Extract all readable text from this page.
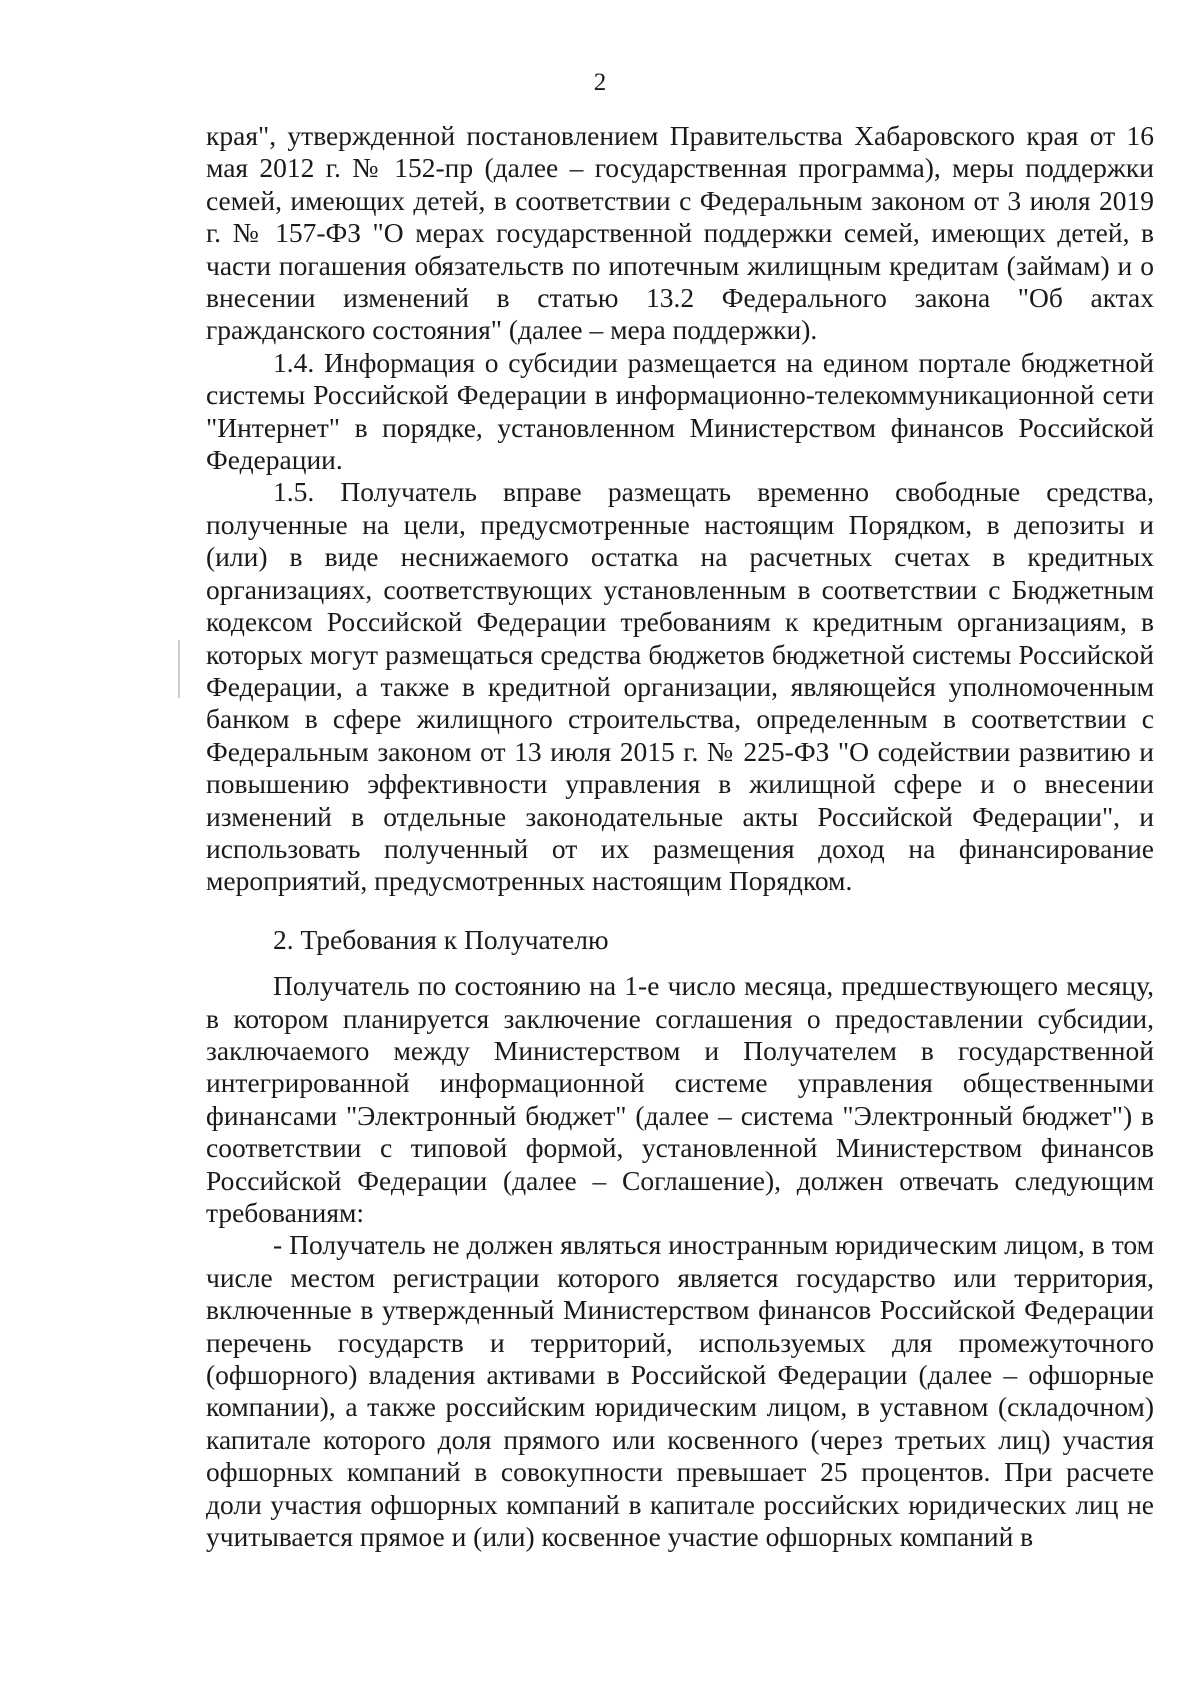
2

края", утвержденной постановлением Правительства Хабаровского края от 16 мая 2012 г. № 152-пр (далее – государственная программа), меры поддержки семей, имеющих детей, в соответствии с Федеральным законом от 3 июля 2019 г. № 157-ФЗ "О мерах государственной поддержки семей, имеющих детей, в части погашения обязательств по ипотечным жилищным кредитам (займам) и о внесении изменений в статью 13.2 Федерального закона "Об актах гражданского состояния" (далее – мера поддержки).

1.4. Информация о субсидии размещается на едином портале бюджетной системы Российской Федерации в информационно-телекоммуникационной сети "Интернет" в порядке, установленном Министерством финансов Российской Федерации.

1.5. Получатель вправе размещать временно свободные средства, полученные на цели, предусмотренные настоящим Порядком, в депозиты и (или) в виде неснижаемого остатка на расчетных счетах в кредитных организациях, соответствующих установленным в соответствии с Бюджетным кодексом Российской Федерации требованиям к кредитным организациям, в которых могут размещаться средства бюджетов бюджетной системы Российской Федерации, а также в кредитной организации, являющейся уполномоченным банком в сфере жилищного строительства, определенным в соответствии с Федеральным законом от 13 июля 2015 г. № 225-ФЗ "О содействии развитию и повышению эффективности управления в жилищной сфере и о внесении изменений в отдельные законодательные акты Российской Федерации", и использовать полученный от их размещения доход на финансирование мероприятий, предусмотренных настоящим Порядком.

2. Требования к Получателю

Получатель по состоянию на 1-е число месяца, предшествующего месяцу, в котором планируется заключение соглашения о предоставлении субсидии, заключаемого между Министерством и Получателем в государственной интегрированной информационной системе управления общественными финансами "Электронный бюджет" (далее – система "Электронный бюджет") в соответствии с типовой формой, установленной Министерством финансов Российской Федерации (далее – Соглашение), должен отвечать следующим требованиям:

- Получатель не должен являться иностранным юридическим лицом, в том числе местом регистрации которого является государство или территория, включенные в утвержденный Министерством финансов Российской Федерации перечень государств и территорий, используемых для промежуточного (офшорного) владения активами в Российской Федерации (далее – офшорные компании), а также российским юридическим лицом, в уставном (складочном) капитале которого доля прямого или косвенного (через третьих лиц) участия офшорных компаний в совокупности превышает 25 процентов. При расчете доли участия офшорных компаний в капитале российских юридических лиц не учитывается прямое и (или) косвенное участие офшорных компаний в
